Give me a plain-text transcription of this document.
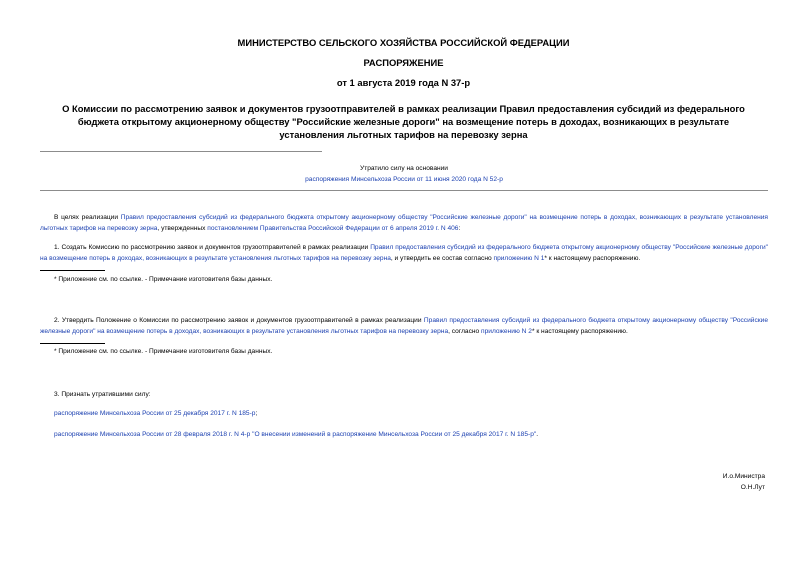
МИНИСТЕРСТВО СЕЛЬСКОГО ХОЗЯЙСТВА РОССИЙСКОЙ ФЕДЕРАЦИИ
РАСПОРЯЖЕНИЕ
от 1 августа 2019 года N 37-р
О Комиссии по рассмотрению заявок и документов грузоотправителей в рамках реализации Правил предоставления субсидий из федерального бюджета открытому акционерному обществу "Российские железные дороги" на возмещение потерь в доходах, возникающих в результате установления льготных тарифов на перевозку зерна
Утратило силу на основании
распоряжения Минсельхоза России от 11 июня 2020 года N 52-р
В целях реализации Правил предоставления субсидий из федерального бюджета открытому акционерному обществу "Российские железные дороги" на возмещение потерь в доходах, возникающих в результате установления льготных тарифов на перевозку зерна, утвержденных постановлением Правительства Российской Федерации от 6 апреля 2019 г. N 406:
1. Создать Комиссию по рассмотрению заявок и документов грузоотправителей в рамках реализации Правил предоставления субсидий из федерального бюджета открытому акционерному обществу "Российские железные дороги" на возмещение потерь в доходах, возникающих в результате установления льготных тарифов на перевозку зерна, и утвердить ее состав согласно приложению N 1* к настоящему распоряжению.
* Приложение см. по ссылке. - Примечание изготовителя базы данных.
2. Утвердить Положение о Комиссии по рассмотрению заявок и документов грузоотправителей в рамках реализации Правил предоставления субсидий из федерального бюджета открытому акционерному обществу "Российские железные дороги" на возмещение потерь в доходах, возникающих в результате установления льготных тарифов на перевозку зерна, согласно приложению N 2* к настоящему распоряжению.
* Приложение см. по ссылке. - Примечание изготовителя базы данных.
3. Признать утратившими силу:
распоряжение Минсельхоза России от 25 декабря 2017 г. N 185-р;
распоряжение Минсельхоза России от 28 февраля 2018 г. N 4-р "О внесении изменений в распоряжение Минсельхоза России от 25 декабря 2017 г. N 185-р".
И.о.Министра
О.Н.Лут
